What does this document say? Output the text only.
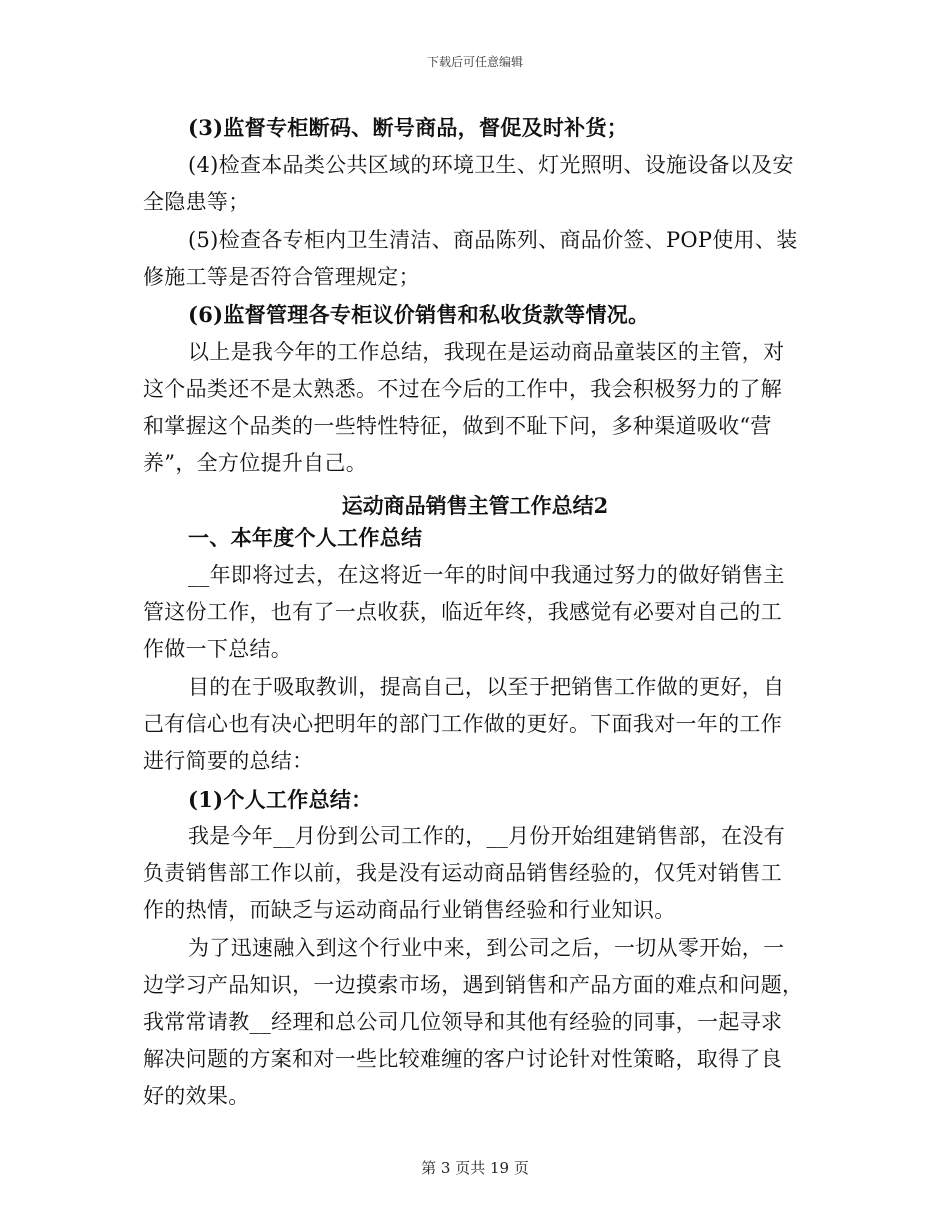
下载后可任意编辑
(3)监督专柜断码、断号商品，督促及时补货；
(4)检查本品类公共区域的环境卫生、灯光照明、设施设备以及安
全隐患等；
(5)检查各专柜内卫生清洁、商品陈列、商品价签、POP使用、装
修施工等是否符合管理规定；
(6)监督管理各专柜议价销售和私收货款等情况。
以上是我今年的工作总结，我现在是运动商品童装区的主管，对
这个品类还不是太熟悉。不过在今后的工作中，我会积极努力的了解
和掌握这个品类的一些特性特征，做到不耻下问，多种渠道吸收“营
养”，全方位提升自己。
运动商品销售主管工作总结2
一、本年度个人工作总结
__年即将过去，在这将近一年的时间中我通过努力的做好销售主
管这份工作，也有了一点收获，临近年终，我感觉有必要对自己的工
作做一下总结。
目的在于吸取教训，提高自己，以至于把销售工作做的更好，自
己有信心也有决心把明年的部门工作做的更好。下面我对一年的工作
进行简要的总结：
(1)个人工作总结：
我是今年__月份到公司工作的，__月份开始组建销售部，在没有
负责销售部工作以前，我是没有运动商品销售经验的，仅凭对销售工
作的热情，而缺乏与运动商品行业销售经验和行业知识。
为了迅速融入到这个行业中来，到公司之后，一切从零开始，一
边学习产品知识，一边摸索市场，遇到销售和产品方面的难点和问题，
我常常请教__经理和总公司几位领导和其他有经验的同事，一起寻求
解决问题的方案和对一些比较难缠的客户讨论针对性策略，取得了良
好的效果。
第 3 页共 19 页
